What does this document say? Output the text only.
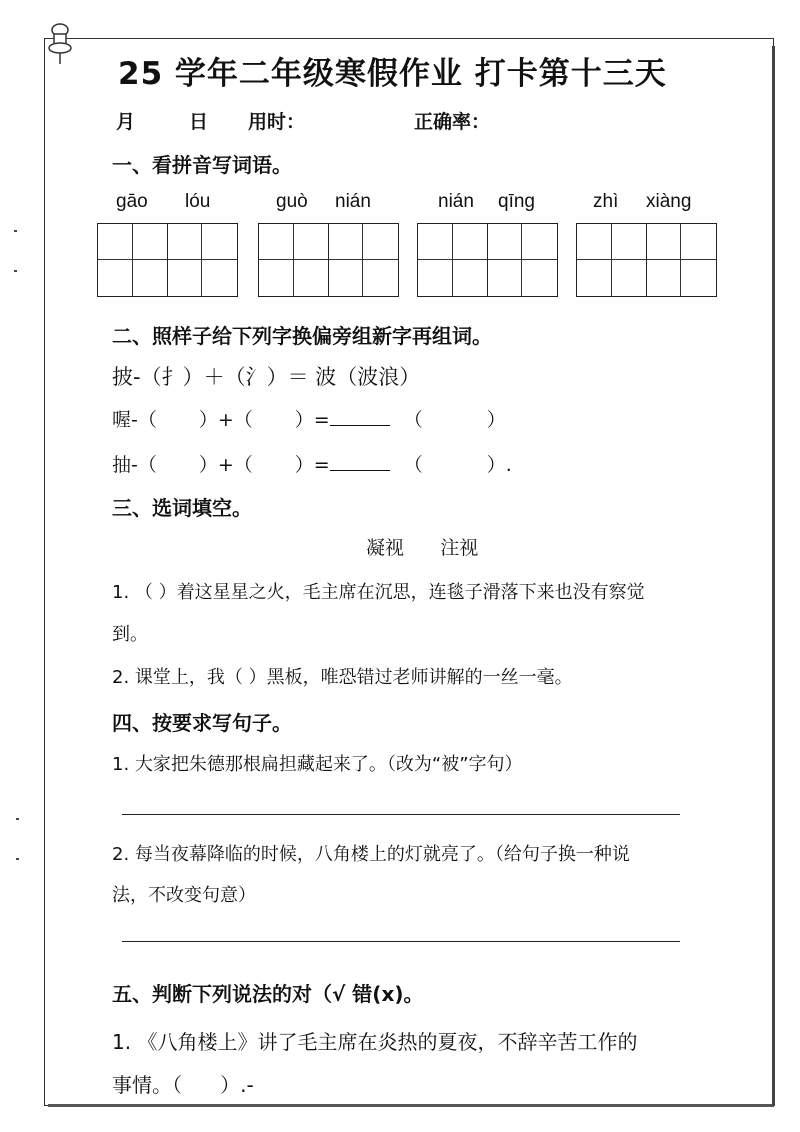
25 学年二年级寒假作业 打卡第十三天
月	日 用时：	正确率：
一、看拼音写词语。
gāo lóu	guò nián	nián qīng	zhì xiàng
二、照样子给下列字换偏旁组新字再组词。
披-（扌）＋（氵）＝ 波（波浪）
喔-（ ）+（ ）=	（	）
抽-（ ）+（ ）=	（	）.
三、选词填空。
凝视      注视
1. （ ）着这星星之火，毛主席在沉思，连毯子滑落下来也没有察觉
到。
2. 课堂上，我（ ）黑板，唯恐错过老师讲解的一丝一毫。
四、按要求写句子。
1. 大家把朱德那根扁担藏起来了。（改为“被”字句）
2. 每当夜幕降临的时候，八角楼上的灯就亮了。（给句子换一种说
法，不改变句意）
五、判断下列说法的对（√ 错(x)。
1. 《八角楼上》讲了毛主席在炎热的夏夜，不辞辛苦工作的
事情。（      ）.-
